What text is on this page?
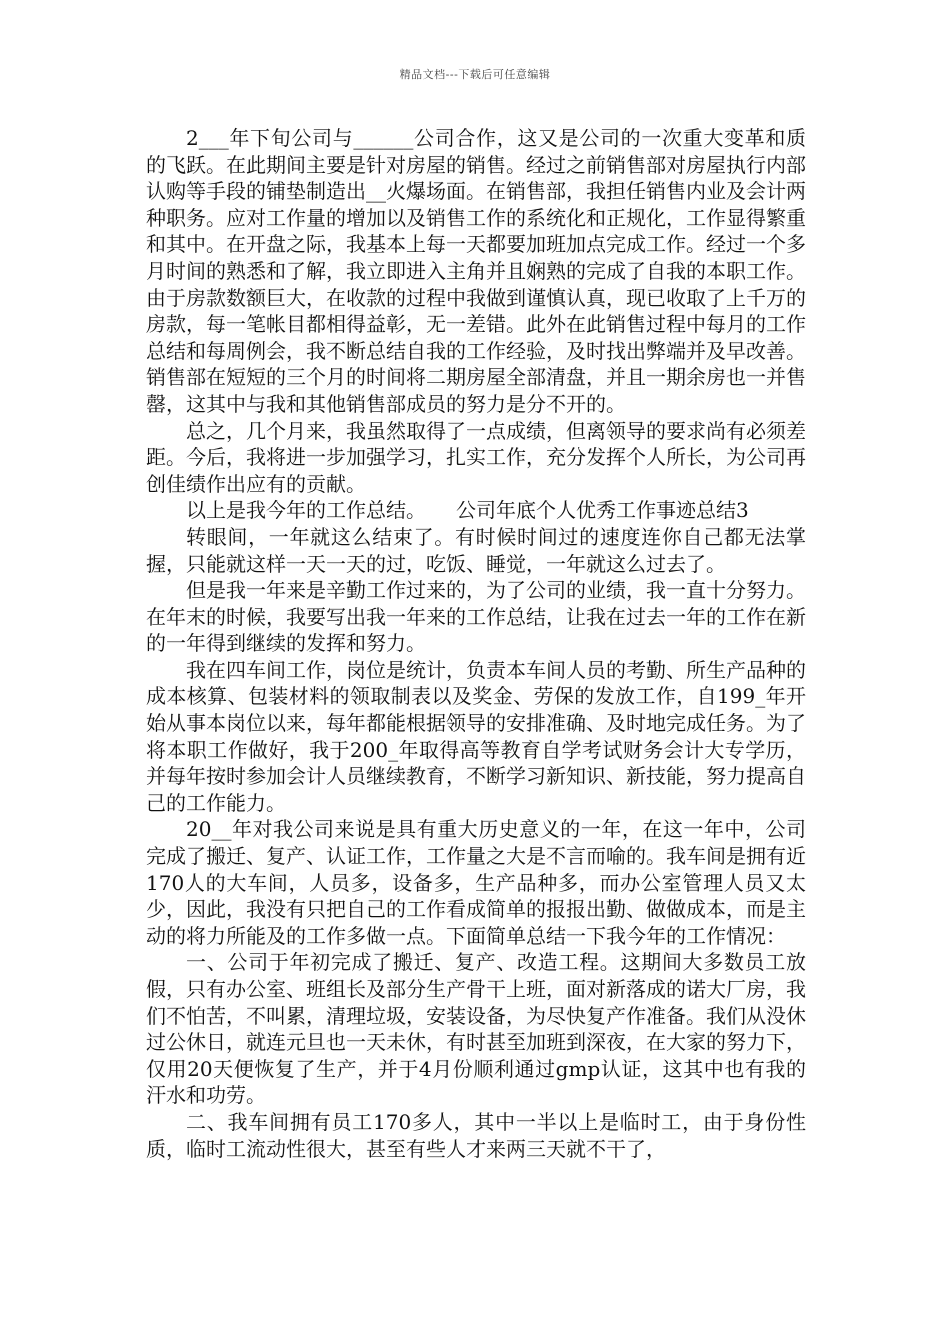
精品文档---下载后可任意编辑

2___年下旬公司与______公司合作，这又是公司的一次重大变革和质的飞跃。在此期间主要是针对房屋的销售。经过之前销售部对房屋执行内部认购等手段的铺垫制造出__火爆场面。在销售部，我担任销售内业及会计两种职务。应对工作量的增加以及销售工作的系统化和正规化，工作显得繁重和其中。在开盘之际，我基本上每一天都要加班加点完成工作。经过一个多月时间的熟悉和了解，我立即进入主角并且娴熟的完成了自我的本职工作。由于房款数额巨大，在收款的过程中我做到谨慎认真，现已收取了上千万的房款，每一笔帐目都相得益彰，无一差错。此外在此销售过程中每月的工作总结和每周例会，我不断总结自我的工作经验，及时找出弊端并及早改善。销售部在短短的三个月的时间将二期房屋全部清盘，并且一期余房也一并售罄，这其中与我和其他销售部成员的努力是分不开的。

总之，几个月来，我虽然取得了一点成绩，但离领导的要求尚有必须差距。今后，我将进一步加强学习，扎实工作，充分发挥个人所长，为公司再创佳绩作出应有的贡献。

以上是我今年的工作总结。　　公司年底个人优秀工作事迹总结3

转眼间，一年就这么结束了。有时候时间过的速度连你自己都无法掌握，只能就这样一天一天的过，吃饭、睡觉，一年就这么过去了。

但是我一年来是辛勤工作过来的，为了公司的业绩，我一直十分努力。在年末的时候，我要写出我一年来的工作总结，让我在过去一年的工作在新的一年得到继续的发挥和努力。

我在四车间工作，岗位是统计，负责本车间人员的考勤、所生产品种的成本核算、包装材料的领取制表以及奖金、劳保的发放工作，自199_年开始从事本岗位以来，每年都能根据领导的安排准确、及时地完成任务。为了将本职工作做好，我于200_年取得高等教育自学考试财务会计大专学历，并每年按时参加会计人员继续教育，不断学习新知识、新技能，努力提高自己的工作能力。

20__年对我公司来说是具有重大历史意义的一年，在这一年中，公司完成了搬迁、复产、认证工作，工作量之大是不言而喻的。我车间是拥有近170人的大车间，人员多，设备多，生产品种多，而办公室管理人员又太少，因此，我没有只把自己的工作看成简单的报报出勤、做做成本，而是主动的将力所能及的工作多做一点。下面简单总结一下我今年的工作情况：

一、公司于年初完成了搬迁、复产、改造工程。这期间大多数员工放假，只有办公室、班组长及部分生产骨干上班，面对新落成的诺大厂房，我们不怕苦，不叫累，清理垃圾，安装设备，为尽快复产作准备。我们从没休过公休日，就连元旦也一天未休，有时甚至加班到深夜，在大家的努力下，仅用20天便恢复了生产，并于4月份顺利通过gmp认证，这其中也有我的汗水和功劳。

二、我车间拥有员工170多人，其中一半以上是临时工，由于身份性质，临时工流动性很大，甚至有些人才来两三天就不干了，
